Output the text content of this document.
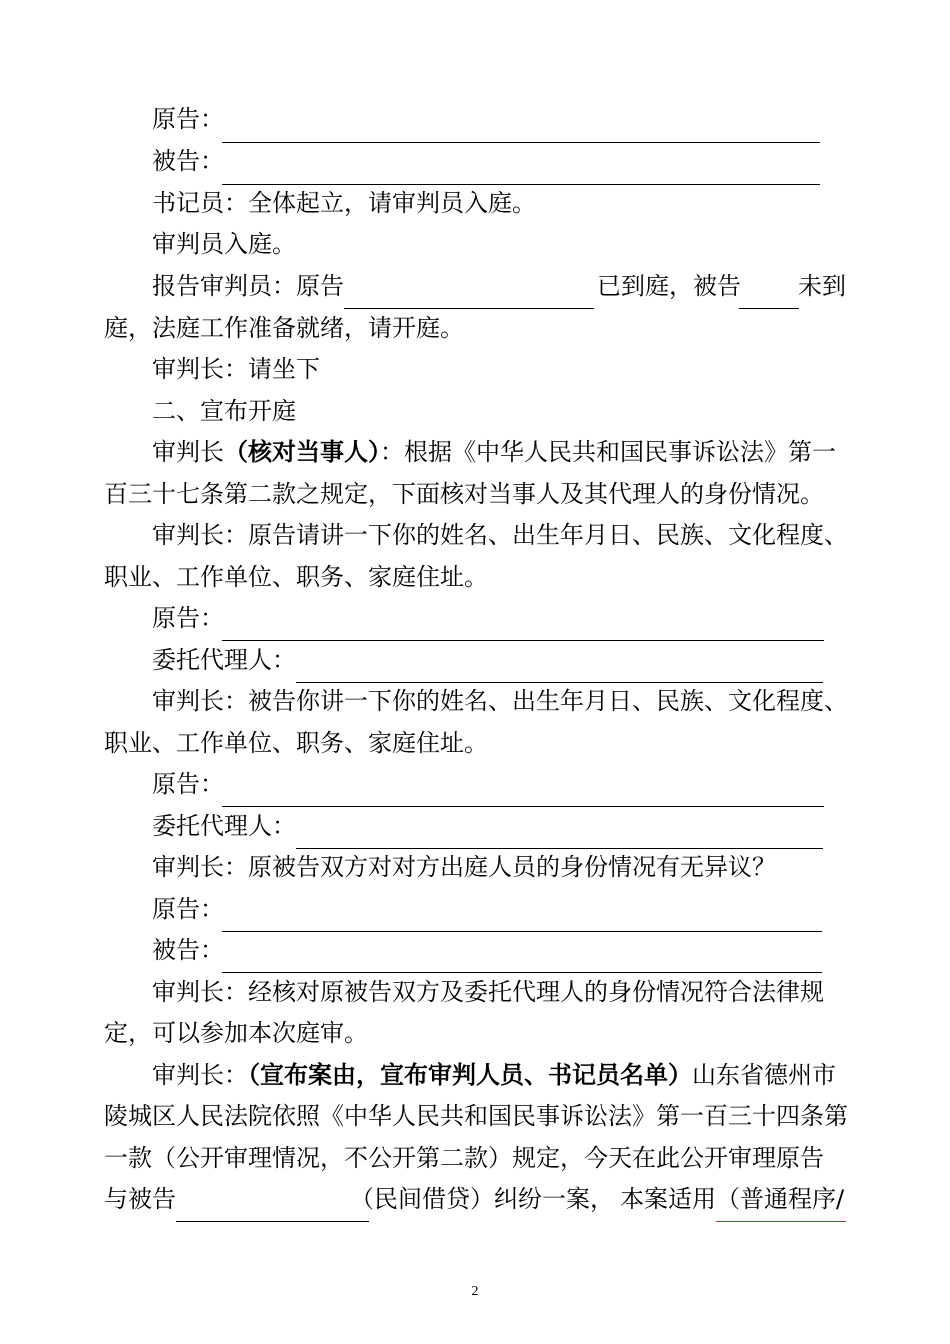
原告：
被告：
书记员：全体起立，请审判员入庭。
审判员入庭。
报告审判员：原告	已到庭，被告 未到
庭，法庭工作准备就绪，请开庭。
审判长：请坐下
二、宣布开庭
审判长（核对当事人）：根据《中华人民共和国民事诉讼法》第一
百三十七条第二款之规定，下面核对当事人及其代理人的身份情况。
审判长：原告请讲一下你的姓名、出生年月日、民族、文化程度、
职业、工作单位、职务、家庭住址。
原告：
委托代理人：
审判长：被告你讲一下你的姓名、出生年月日、民族、文化程度、
职业、工作单位、职务、家庭住址。
原告：
委托代理人：
审判长：原被告双方对对方出庭人员的身份情况有无异议？
原告：
被告：
审判长：经核对原被告双方及委托代理人的身份情况符合法律规
定，可以参加本次庭审。
审判长：（宣布案由，宣布审判人员、书记员名单）山东省德州市
陵城区人民法院依照《中华人民共和国民事诉讼法》第一百三十四条第
一款（公开审理情况，不公开第二款）规定，今天在此公开审理原告
与被告	（民间借贷）纠纷一案， 本案适用（ 普通程序/
2
